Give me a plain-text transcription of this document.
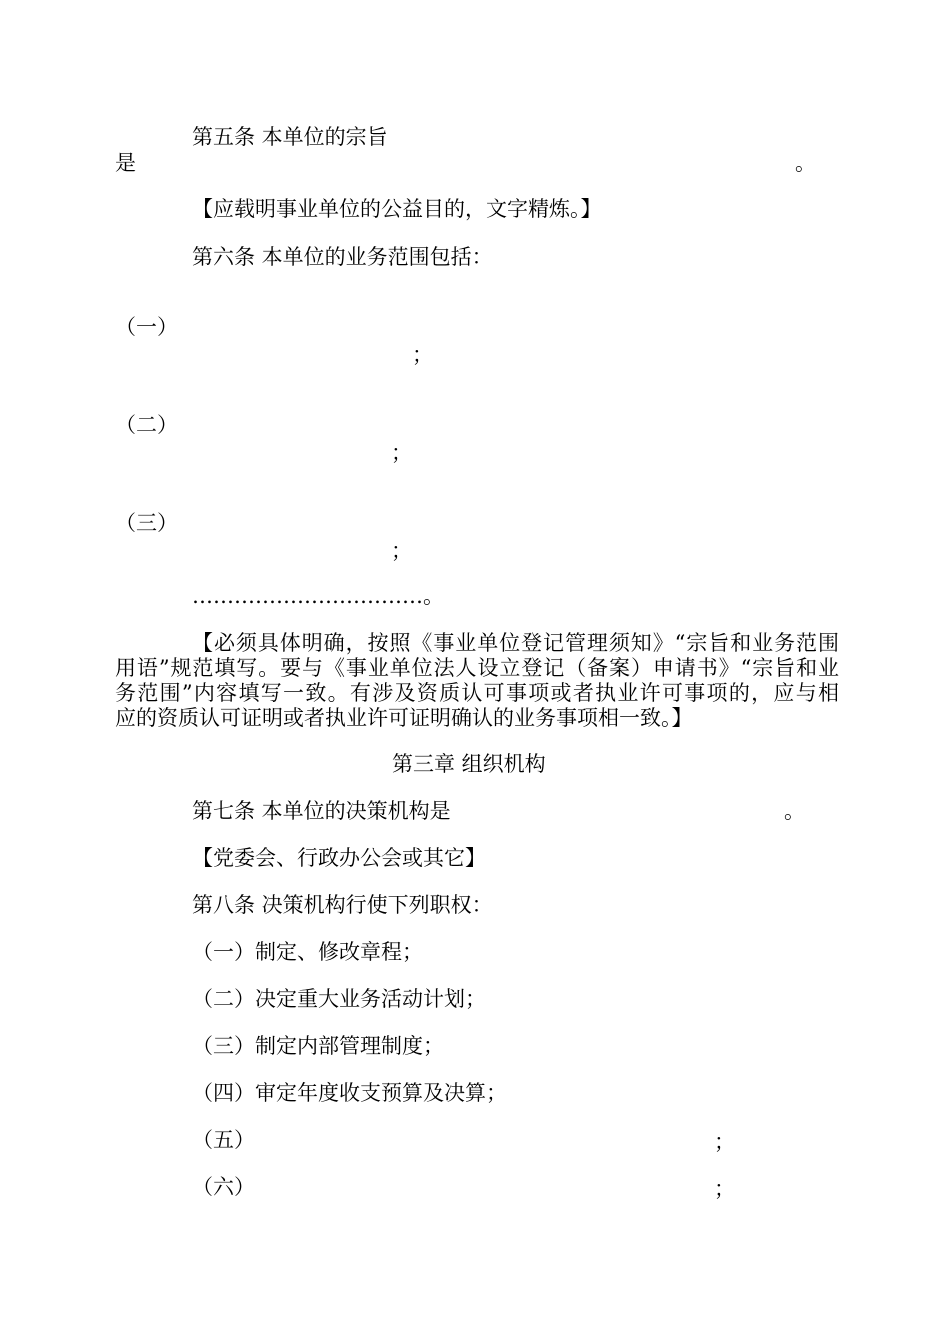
第五条 本单位的宗旨
是	。
【应载明事业单位的公益目的，文字精炼。】
第六条 本单位的业务范围包括：
（一）
；
（二）
；
（三）
；
……………………………。
【必须具体明确，按照《事业单位登记管理须知》“宗旨和业务范围
用语”规范填写。要与《事业单位法人设立登记（备案）申请书》“宗旨和业
务范围”内容填写一致。有涉及资质认可事项或者执业许可事项的，应与相
应的资质认可证明或者执业许可证明确认的业务事项相一致。】
第三章 组织机构
第七条 本单位的决策机构是	。
【党委会、行政办公会或其它】
第八条 决策机构行使下列职权：
（一）制定、修改章程；
（二）决定重大业务活动计划；
（三）制定内部管理制度；
（四）审定年度收支预算及决算；
（五）	；
（六）	；
